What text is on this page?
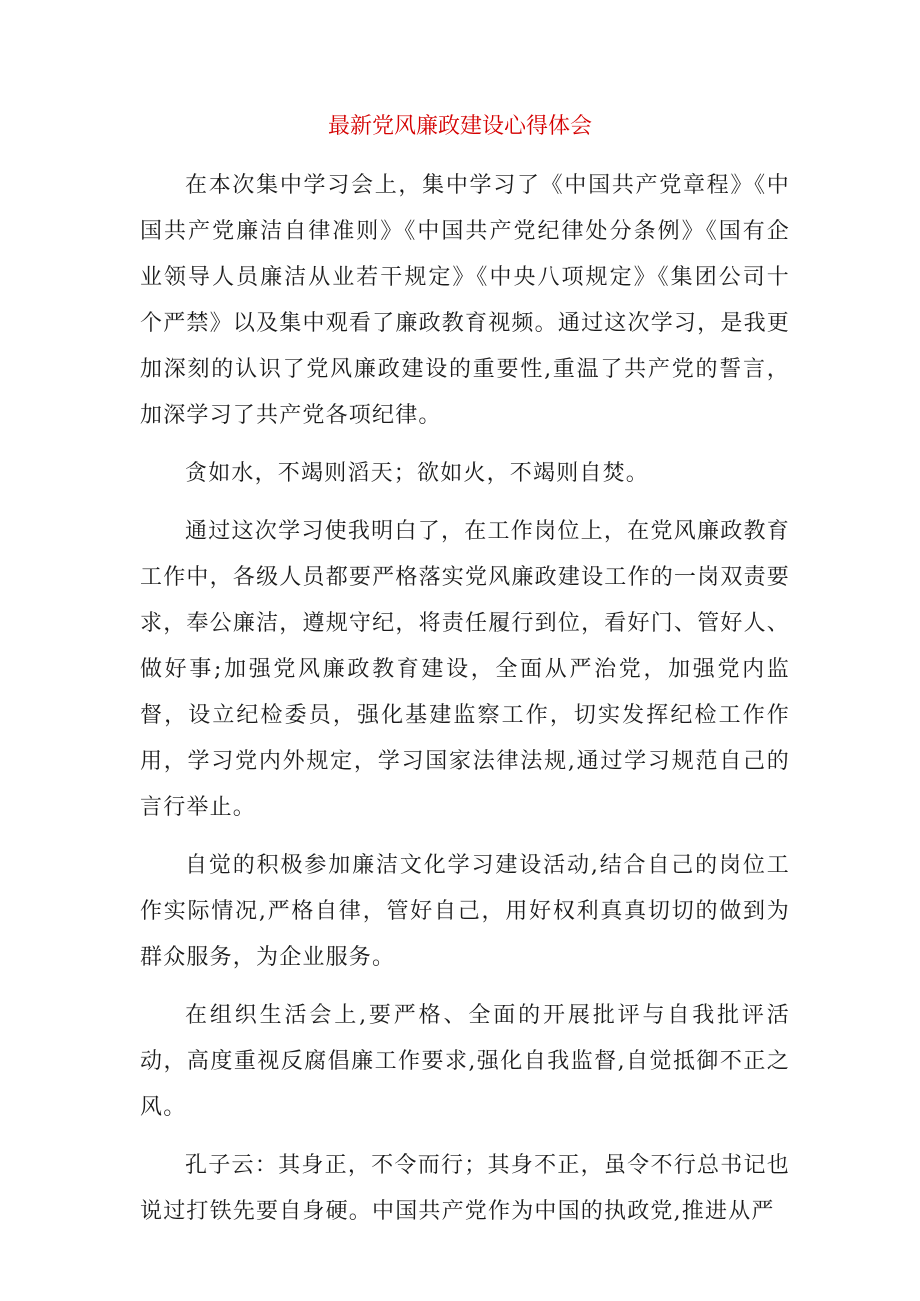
最新党风廉政建设心得体会

在本次集中学习会上，集中学习了《中国共产党章程》《中国共产党廉洁自律准则》《中国共产党纪律处分条例》《国有企业领导人员廉洁从业若干规定》《中央八项规定》《集团公司十个严禁》以及集中观看了廉政教育视频。通过这次学习，是我更加深刻的认识了党风廉政建设的重要性,重温了共产党的誓言，加深学习了共产党各项纪律。

贪如水，不竭则滔天；欲如火，不竭则自焚。

通过这次学习使我明白了，在工作岗位上，在党风廉政教育工作中，各级人员都要严格落实党风廉政建设工作的一岗双责要求，奉公廉洁，遵规守纪，将责任履行到位，看好门、管好人、做好事;加强党风廉政教育建设，全面从严治党，加强党内监督，设立纪检委员，强化基建监察工作，切实发挥纪检工作作用，学习党内外规定，学习国家法律法规,通过学习规范自己的言行举止。

自觉的积极参加廉洁文化学习建设活动,结合自己的岗位工作实际情况,严格自律，管好自己，用好权利真真切切的做到为群众服务，为企业服务。

在组织生活会上,要严格、全面的开展批评与自我批评活动，高度重视反腐倡廉工作要求,强化自我监督,自觉抵御不正之风。

孔子云：其身正，不令而行；其身不正，虽令不行总书记也说过打铁先要自身硬。中国共产党作为中国的执政党,推进从严
